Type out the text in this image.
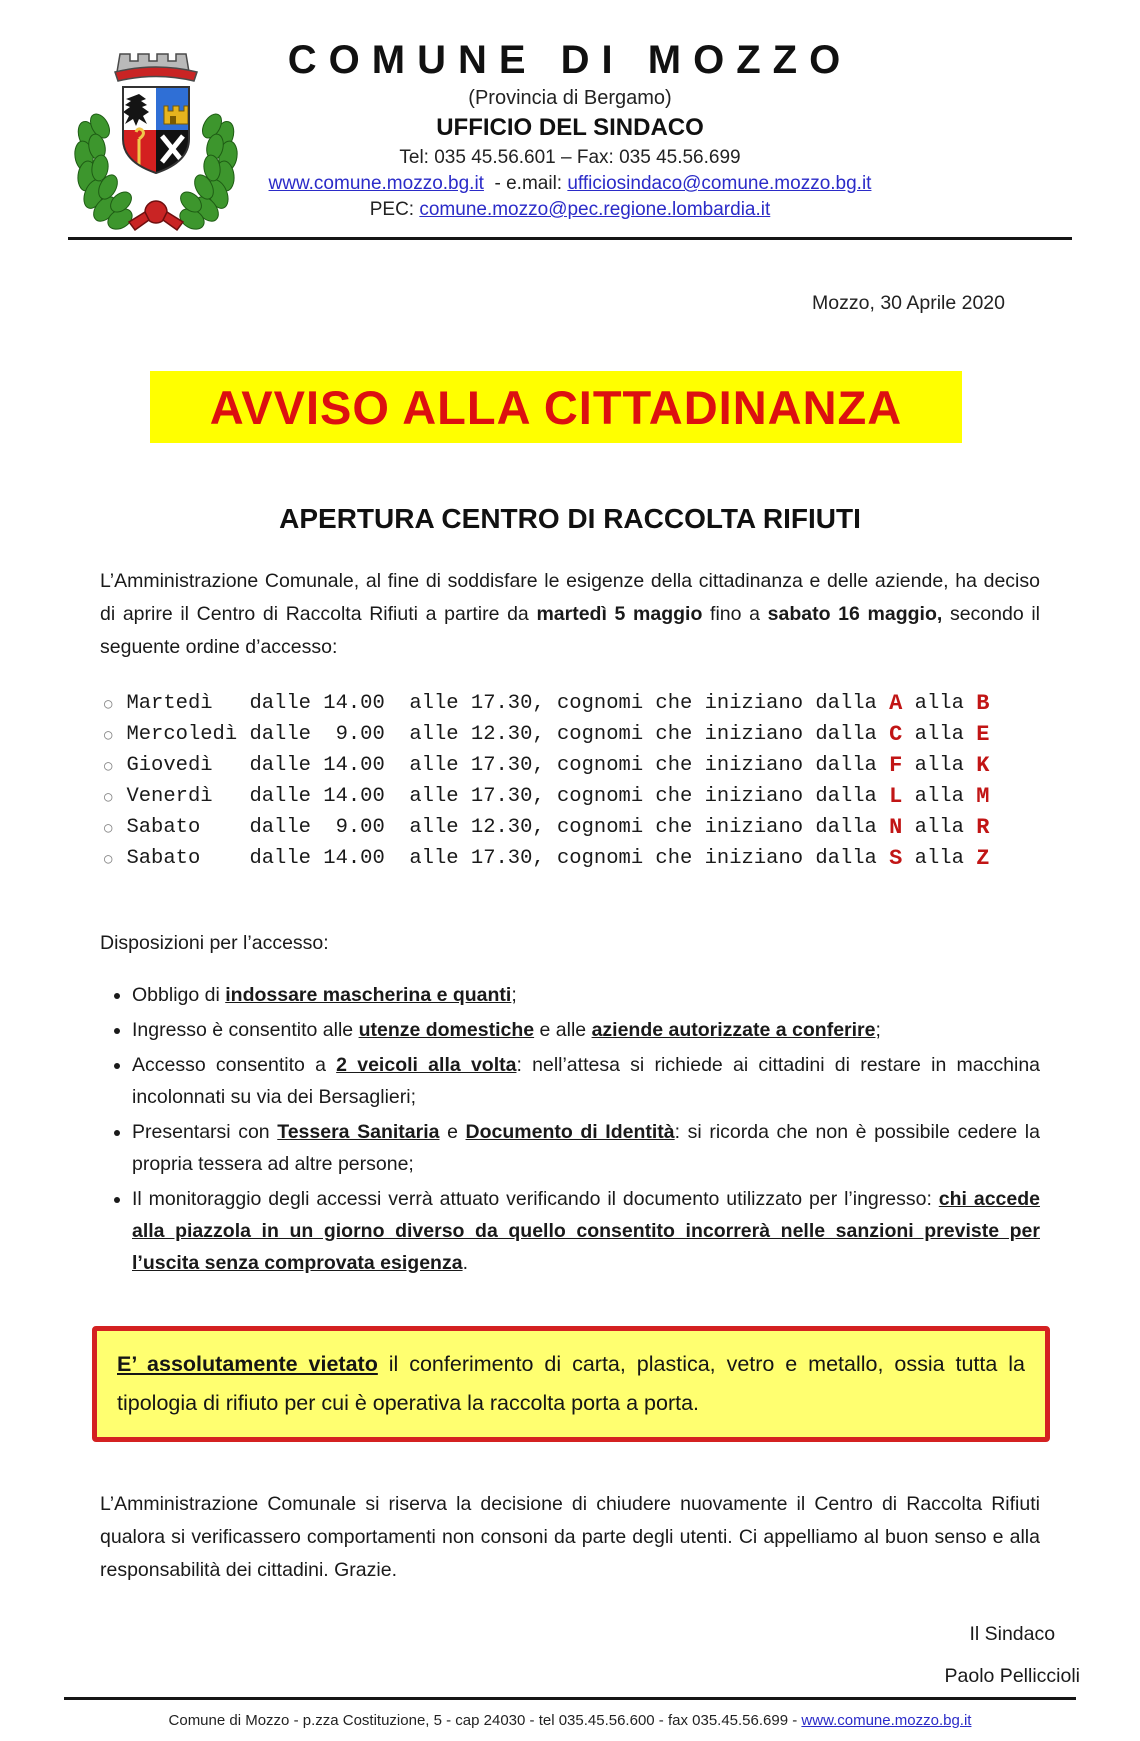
COMUNE DI MOZZO
(Provincia di Bergamo)
UFFICIO DEL SINDACO
Tel: 035 45.56.601 – Fax: 035 45.56.699
www.comune.mozzo.bg.it  - e.mail: ufficiosindaco@comune.mozzo.bg.it
PEC: comune.mozzo@pec.regione.lombardia.it
Mozzo, 30 Aprile 2020
AVVISO ALLA CITTADINANZA
APERTURA CENTRO DI RACCOLTA RIFIUTI

L’Amministrazione Comunale, al fine di soddisfare le esigenze della cittadinanza e delle aziende, ha deciso di aprire il Centro di Raccolta Rifiuti a partire da martedì 5 maggio fino a sabato 16 maggio, secondo il seguente ordine d’accesso:

○ Martedì   dalle 14.00  alle 17.30, cognomi che iniziano dalla A alla B
○ Mercoledì dalle  9.00  alle 12.30, cognomi che iniziano dalla C alla E
○ Giovedì   dalle 14.00  alle 17.30, cognomi che iniziano dalla F alla K
○ Venerdì   dalle 14.00  alle 17.30, cognomi che iniziano dalla L alla M
○ Sabato    dalle  9.00  alle 12.30, cognomi che iniziano dalla N alla R
○ Sabato    dalle 14.00  alle 17.30, cognomi che iniziano dalla S alla Z
Disposizioni per l’accesso:
• Obbligo di indossare mascherina e quanti;
• Ingresso è consentito alle utenze domestiche e alle aziende autorizzate a conferire;
• Accesso consentito a 2 veicoli alla volta: nell’attesa si richiede ai cittadini di restare in macchina incolonnati su via dei Bersaglieri;
• Presentarsi con Tessera Sanitaria e Documento di Identità: si ricorda che non è possibile cedere la propria tessera ad altre persone;
• Il monitoraggio degli accessi verrà attuato verificando il documento utilizzato per l’ingresso: chi accede alla piazzola in un giorno diverso da quello consentito incorrerà nelle sanzioni previste per l’uscita senza comprovata esigenza.
E’ assolutamente vietato il conferimento di carta, plastica, vetro e metallo, ossia tutta la tipologia di rifiuto per cui è operativa la raccolta porta a porta.

L’Amministrazione Comunale si riserva la decisione di chiudere nuovamente il Centro di Raccolta Rifiuti qualora si verificassero comportamenti non consoni da parte degli utenti. Ci appelliamo al buon senso e alla responsabilità dei cittadini. Grazie.

Il Sindaco
Paolo Pelliccioli

Comune di Mozzo - p.zza Costituzione, 5 - cap 24030 - tel 035.45.56.600 - fax 035.45.56.699 - www.comune.mozzo.bg.it
